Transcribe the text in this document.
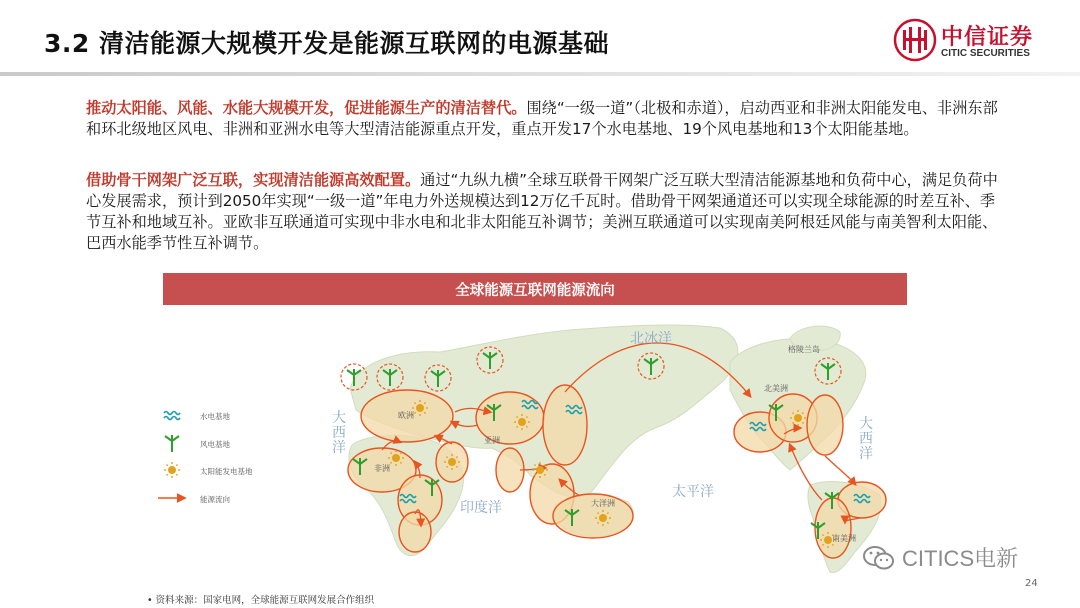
3.2 清洁能源大规模开发是能源互联网的电源基础	中信证券
CITIC SECURITIES
推动太阳能、风能、水能大规模开发，促进能源生产的清洁替代。围绕“一级一道”（北极和赤道），启动西亚和非洲太阳能发电、非洲东部和环北级地区风电、非洲和亚洲水电等大型清洁能源重点开发，重点开发17个水电基地、19个风电基地和13个太阳能基地。
借助骨干网架广泛互联，实现清洁能源高效配置。通过“九纵九横”全球互联骨干网架广泛互联大型清洁能源基地和负荷中心，满足负荷中心发展需求，预计到2050年实现“一级一道”年电力外送规模达到12万亿千瓦时。借助骨干网架通道还可以实现全球能源的时差互补、季节互补和地域互补。亚欧非互联通道可实现中非水电和北非太阳能互补调节；美洲互联通道可以实现南美阿根廷风能与南美智利太阳能、巴西水能季节性互补调节。
全球能源互联网能源流向
欧洲
亚洲
非洲
大洋洲
北美洲
南美洲
格陵兰岛
北冰洋
印度洋
太平洋
大西洋
大西洋
水电基地
风电基地
太阳能发电基地
能源流向
CITICS电新
24
• 资料来源：国家电网，全球能源互联网发展合作组织
